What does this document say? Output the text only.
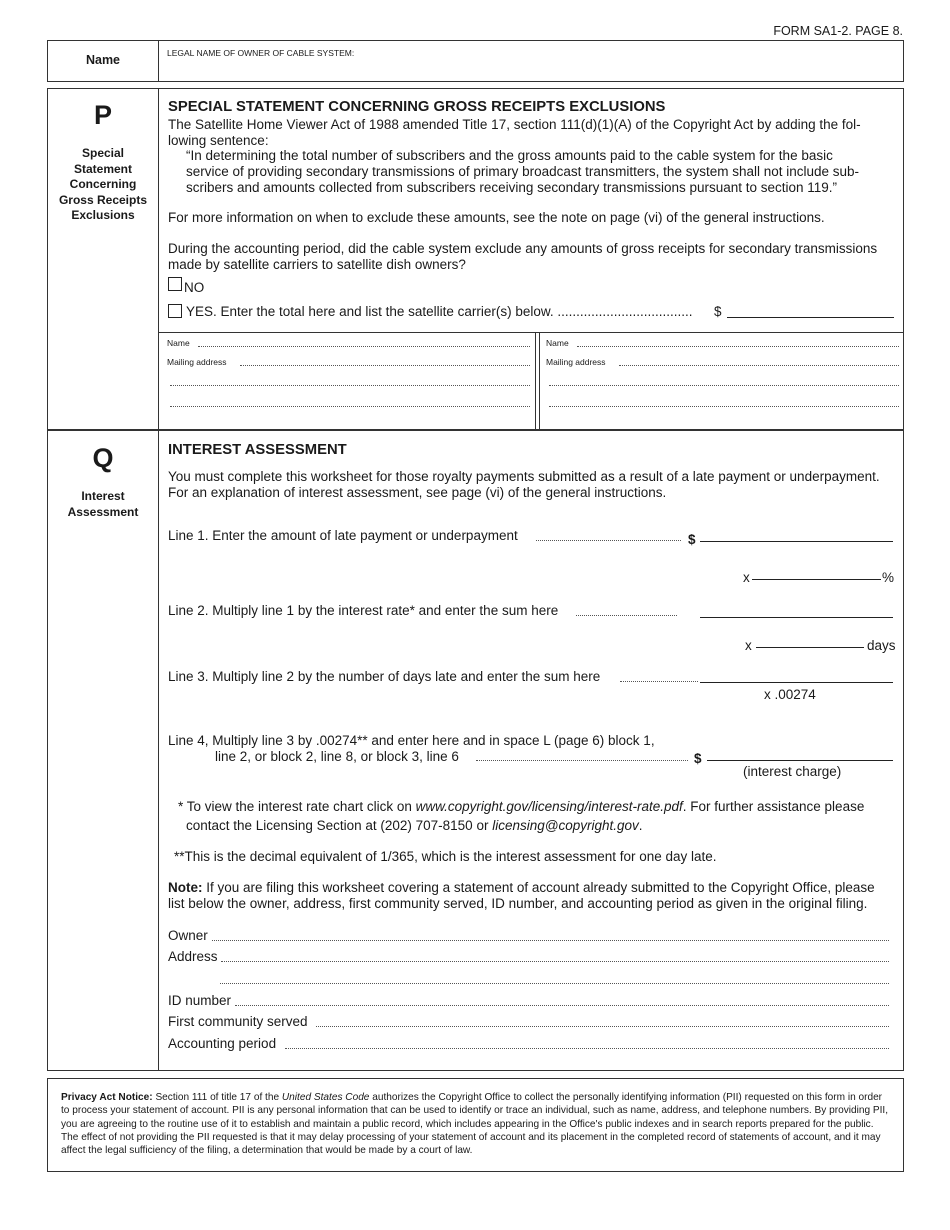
FORM SA1-2. PAGE 8.
Name	LEGAL NAME OF OWNER OF CABLE SYSTEM:
P
Special
Statement
Concerning
Gross Receipts
Exclusions
SPECIAL STATEMENT CONCERNING GROSS RECEIPTS EXCLUSIONS
The Satellite Home Viewer Act of 1988 amended Title 17, section 111(d)(1)(A) of the Copyright Act by adding the fol-
lowing sentence:
“In determining the total number of subscribers and the gross amounts paid to the cable system for the basic
service of providing secondary transmissions of primary broadcast transmitters, the system shall not include sub-
scribers and amounts collected from subscribers receiving secondary transmissions pursuant to section 119.”
For more information on when to exclude these amounts, see the note on page (vi) of the general instructions.
During the accounting period, did the cable system exclude any amounts of gross receipts for secondary transmissions
made by satellite carriers to satellite dish owners?
NO
YES. Enter the total here and list the satellite carrier(s) below. .................................... $
Name
Mailing address
Name
Mailing address
Q
Interest
Assessment
INTEREST ASSESSMENT
You must complete this worksheet for those royalty payments submitted as a result of a late payment or underpayment.
For an explanation of interest assessment, see page (vi) of the general instructions.
Line 1. Enter the amount of late payment or underpayment	$
x	%
Line 2. Multiply line 1 by the interest rate* and enter the sum here
x	days
Line 3. Multiply line 2 by the number of days late and enter the sum here
x .00274
Line 4, Multiply line 3 by .00274** and enter here and in space L (page 6) block 1,
line 2, or block 2, line 8, or block 3, line 6	$
(interest charge)
* To view the interest rate chart click on www.copyright.gov/licensing/interest-rate.pdf. For further assistance please
contact the Licensing Section at (202) 707-8150 or licensing@copyright.gov.
**This is the decimal equivalent of 1/365, which is the interest assessment for one day late.
Note: If you are filing this worksheet covering a statement of account already submitted to the Copyright Office, please
list below the owner, address, first community served, ID number, and accounting period as given in the original filing.
Owner
Address
ID number
First community served
Accounting period
Privacy Act Notice: Section 111 of title 17 of the United States Code authorizes the Copyright Office to collect the personally identifying information (PII) requested on this form in order to process your statement of account. PII is any personal information that can be used to identify or trace an individual, such as name, address, and telephone numbers. By providing PII, you are agreeing to the routine use of it to establish and maintain a public record, which includes appearing in the Office's public indexes and in search reports prepared for the public. The effect of not providing the PII requested is that it may delay processing of your statement of account and its placement in the completed record of statements of account, and it may affect the legal sufficiency of the filing, a determination that would be made by a court of law.
